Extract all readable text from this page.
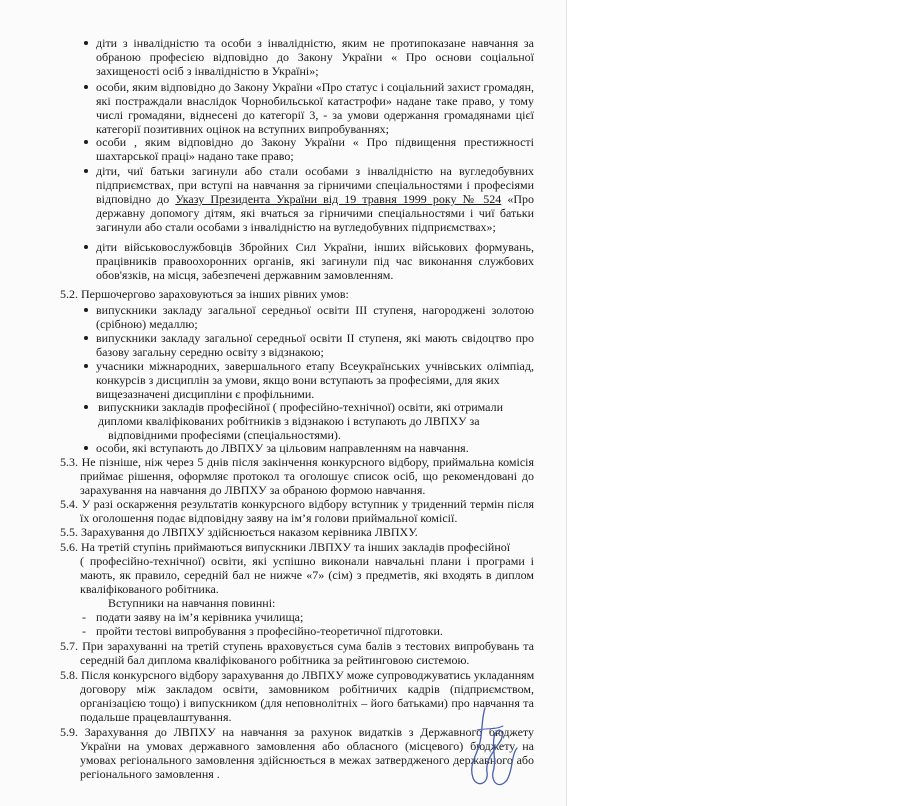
діти з інвалідністю та особи з інвалідністю, яким не протипоказане навчання за
обраною професією відповідно до Закону України « Про основи соціальної
захищеності осіб з інвалідністю в Україні»;
особи, яким відповідно до Закону України «Про статус і соціальний захист громадян,
які постраждали внаслідок Чорнобильської катастрофи» надане таке право, у тому
числі громадяни, віднесені до категорії 3, - за умови одержання громадянами цієї
категорії позитивних оцінок на вступних випробуваннях;
особи , яким відповідно до Закону України « Про підвищення престижності
шахтарської праці» надано таке право;
діти, чиї батьки загинули або стали особами з інвалідністю на вугледобувних
підприємствах, при вступі на навчання за гірничими спеціальностями і професіями
відповідно до Указу Президента України від 19 травня 1999 року № 524 «Про
державну допомогу дітям, які вчаться за гірничими спеціальностями і чиї батьки
загинули або стали особами з інвалідністю на вугледобувних підприємствах»;
діти військовослужбовців Збройних Сил України, інших військових формувань,
працівників правоохоронних органів, які загинули під час виконання службових
обов'язків, на місця, забезпечені державним замовленням.
5.2. Першочергово зараховуються за інших рівних умов:
випускники закладу загальної середньої освіти ІІІ ступеня, нагороджені золотою
(срібною) медаллю;
випускники закладу загальної середньої освіти ІІ ступеня, які мають свідоцтво про
базову загальну середню освіту з відзнакою;
учасники міжнародних, завершального етапу Всеукраїнських учнівських олімпіад,
конкурсів з дисциплін за умови, якщо вони вступають за професіями, для яких
вищезазначені дисципліни є профільними.
випускники закладів професійної ( професійно-технічної) освіти, які отримали
дипломи кваліфікованих робітників з відзнакою і вступають до ЛВПХУ за
відповідними професіями (спеціальностями).
особи, які вступають до ЛВПХУ за цільовим направленням на навчання.
5.3. Не пізніше, ніж через 5 днів після закінчення конкурсного відбору, приймальна комісія
приймає рішення, оформляє протокол та оголошує список осіб, що рекомендовані до
зарахування на навчання до ЛВПХУ за обраною формою навчання.
5.4. У разі оскарження результатів конкурсного відбору вступник у триденний термін після
їх оголошення подає відповідну заяву на ім’я голови приймальної комісії.
5.5. Зарахування до ЛВПХУ здійснюється наказом керівника ЛВПХУ.
5.6. На третій ступінь приймаються випускники ЛВПХУ та інших закладів професійної
( професійно-технічної) освіти, які успішно виконали навчальні плани і програми і
мають, як правило, середній бал не нижче «7» (сім) з предметів, які входять в диплом
кваліфікованого робітника.
Вступники на навчання повинні:
- подати заяву на ім’я керівника училища;
- пройти тестові випробування з професійно-теоретичної підготовки.
5.7. При зарахуванні на третій ступень враховується сума балів з тестових випробувань та
середній бал диплома кваліфікованого робітника за рейтинговою системою.
5.8. Після конкурсного відбору зарахування до ЛВПХУ може супроводжуватись укладанням
договору між закладом освіти, замовником робітничих кадрів (підприємством,
організацією тощо) і випускником (для неповнолітніх – його батьками) про навчання та
подальше працевлаштування.
5.9. Зарахування до ЛВПХУ на навчання за рахунок видатків з Державного бюджету
України на умовах державного замовлення або обласного (місцевого) бюджету на
умовах регіонального замовлення здійснюється в межах затвердженого державного або
регіонального замовлення .
